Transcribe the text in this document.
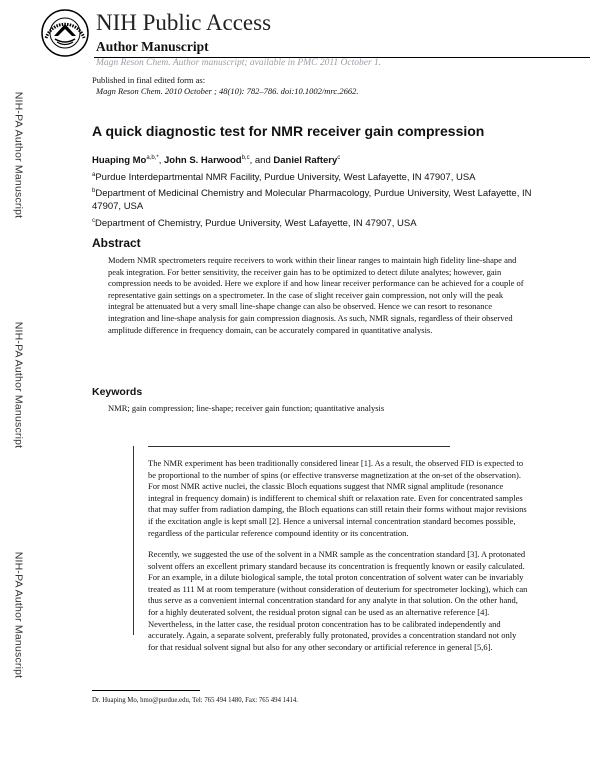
NIH Public Access
Author Manuscript
Magn Reson Chem. Author manuscript; available in PMC 2011 October 1.
Published in final edited form as:
Magn Reson Chem. 2010 October ; 48(10): 782–786. doi:10.1002/mrc.2662.
NIH-PA Author Manuscript
NIH-PA Author Manuscript
NIH-PA Author Manuscript
A quick diagnostic test for NMR receiver gain compression
Huaping $Mo^{a,b,*}$, John S. Harwood$^{b,c}$, and Daniel Raftery$^c$
$^a$Purdue Interdepartmental NMR Facility, Purdue University, West Lafayette, IN 47907, USA
$^b$Department of Medicinal Chemistry and Molecular Pharmacology, Purdue University, West Lafayette, IN 47907, USA
$^c$Department of Chemistry, Purdue University, West Lafayette, IN 47907, USA
Abstract
Modern NMR spectrometers require receivers to work within their linear ranges to maintain high fidelity line-shape and peak integration. For better sensitivity, the receiver gain has to be optimized to detect dilute analytes; however, gain compression needs to be avoided. Here we explore if and how linear receiver performance can be achieved for a couple of representative gain settings on a spectrometer. In the case of slight receiver gain compression, not only will the peak integral be attenuated but a very small line-shape change can also be observed. Hence we can resort to resonance integration and line-shape analysis for gain compression diagnosis. As such, NMR signals, regardless of their observed amplitude difference in frequency domain, can be accurately compared in quantitative analysis.
Keywords
NMR; gain compression; line-shape; receiver gain function; quantitative analysis
The NMR experiment has been traditionally considered linear [1]. As a result, the observed FID is expected to be proportional to the number of spins (or effective transverse magnetization at the on-set of the observation). For most NMR active nuclei, the classic Bloch equations suggest that NMR signal amplitude (resonance integral in frequency domain) is indifferent to chemical shift or relaxation rate. Even for concentrated samples that may suffer from radiation damping, the Bloch equations can still retain their forms without major revisions if the excitation angle is kept small [2]. Hence a universal internal concentration standard becomes possible, regardless of the particular reference compound identity or its concentration.
Recently, we suggested the use of the solvent in a NMR sample as the concentration standard [3]. A protonated solvent offers an excellent primary standard because its concentration is frequently known or easily calculated. For an example, in a dilute biological sample, the total proton concentration of solvent water can be invariably treated as 111 M at room temperature (without consideration of deuterium for spectrometer locking), which can thus serve as a convenient internal concentration standard for any analyte in that solution. On the other hand, for a highly deuterated solvent, the residual proton signal can be used as an alternative reference [4]. Nevertheless, in the latter case, the residual proton concentration has to be calibrated independently and accurately. Again, a separate solvent, preferably fully protonated, provides a concentration standard not only for that residual solvent signal but also for any other secondary or artificial reference in general [5,6].
Dr. Huaping Mo, hmo@purdue.edu, Tel: 765 494 1480, Fax: 765 494 1414.
